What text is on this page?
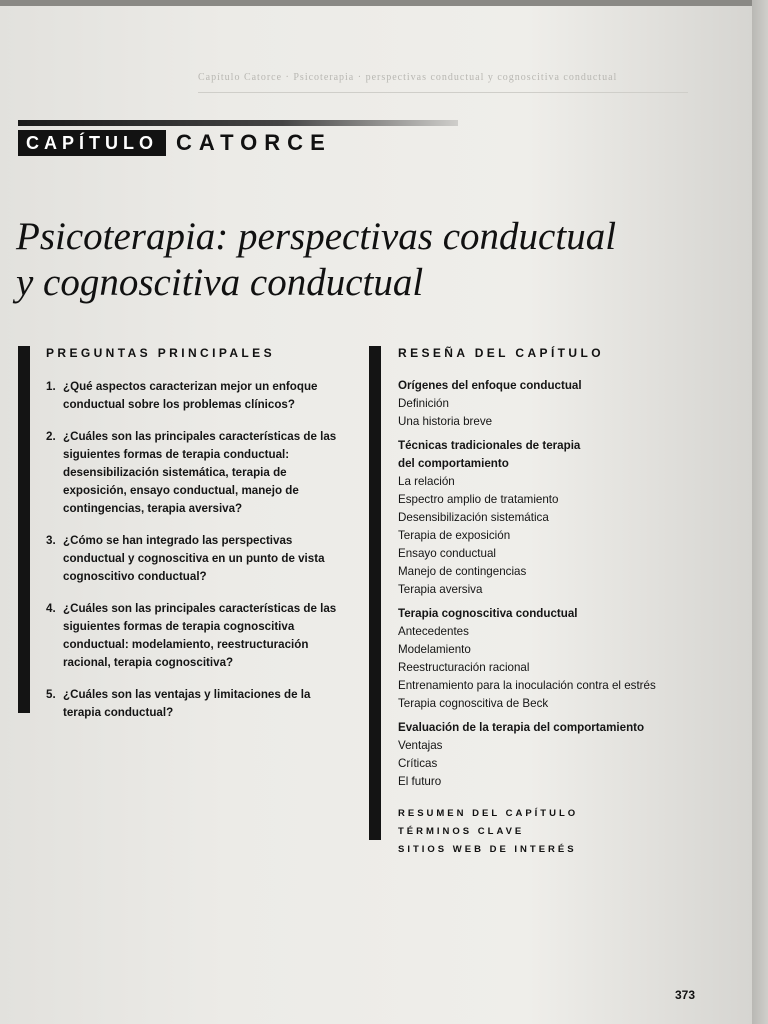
Capítulo Catorce · Psicoterapia · perspectivas conductual y cognoscitiva conductual
CAPÍTULO CATORCE
Psicoterapia: perspectivas conductual
y cognoscitiva conductual
PREGUNTAS PRINCIPALES
1. ¿Qué aspectos caracterizan mejor un enfoque conductual sobre los problemas clínicos?
2. ¿Cuáles son las principales características de las siguientes formas de terapia conductual: desensibilización sistemática, terapia de exposición, ensayo conductual, manejo de contingencias, terapia aversiva?
3. ¿Cómo se han integrado las perspectivas conductual y cognoscitiva en un punto de vista cognoscitivo conductual?
4. ¿Cuáles son las principales características de las siguientes formas de terapia cognoscitiva conductual: modelamiento, reestructuración racional, terapia cognoscitiva?
5. ¿Cuáles son las ventajas y limitaciones de la terapia conductual?
RESEÑA DEL CAPÍTULO
Orígenes del enfoque conductual
Definición
Una historia breve
Técnicas tradicionales de terapia
del comportamiento
La relación
Espectro amplio de tratamiento
Desensibilización sistemática
Terapia de exposición
Ensayo conductual
Manejo de contingencias
Terapia aversiva
Terapia cognoscitiva conductual
Antecedentes
Modelamiento
Reestructuración racional
Entrenamiento para la inoculación contra el estrés
Terapia cognoscitiva de Beck
Evaluación de la terapia del comportamiento
Ventajas
Críticas
El futuro
RESUMEN DEL CAPÍTULO
TÉRMINOS CLAVE
SITIOS WEB DE INTERÉS
373
